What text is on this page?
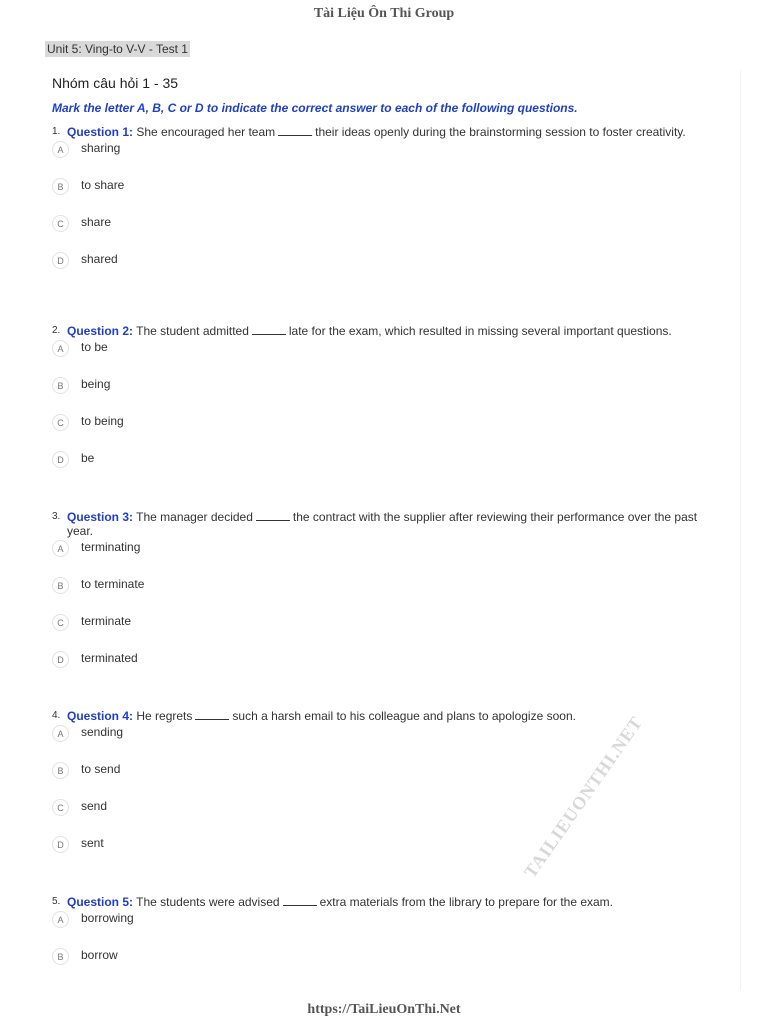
Tài Liệu Ôn Thi Group
Unit 5: Ving-to V-V - Test 1
Nhóm câu hỏi 1 - 35
Mark the letter A, B, C or D to indicate the correct answer to each of the following questions.
1. Question 1: She encouraged her team	their ideas openly during the brainstorming session to foster creativity.
A	sharing
B	to share
C	share
D	shared
2. Question 2: The student admitted	late for the exam, which resulted in missing several important questions.
A	to be
B	being
C	to being
D	be
3. Question 3: The manager decided	the contract with the supplier after reviewing their performance over the past year.
A	terminating
B	to terminate
C	terminate
D	terminated
4. Question 4: He regrets	such a harsh email to his colleague and plans to apologize soon.
A	sending
B	to send
C	send
D	sent
5. Question 5: The students were advised	extra materials from the library to prepare for the exam.
A	borrowing
B	borrow
TAILIEUONTHI.NET
https://TaiLieuOnThi.Net
